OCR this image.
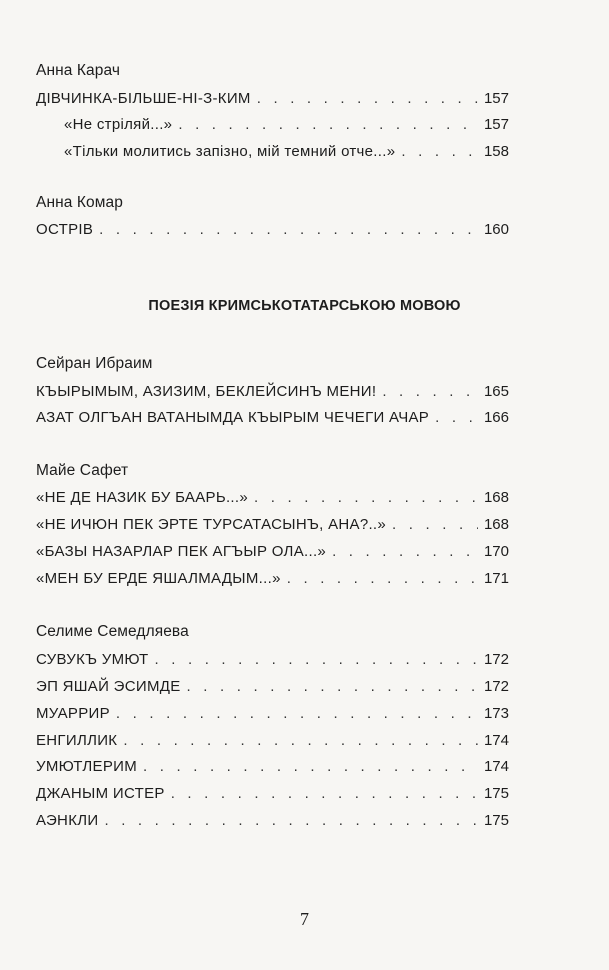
Анна Карач
ДІВЧИНКА-БІЛЬШЕ-НІ-З-КИМ . . .	157
«Не стріляй...» . . .	157
«Тільки молитись запізно, мій темний отче...» . . .	158
Анна Комар
ОСТРІВ . . .	160
ПОЕЗІЯ КРИМСЬКОТАТАРСЬКОЮ МОВОЮ
Сейран Ибраим
КЪЫРЫМЫМ, АЗИЗИМ, БЕКЛЕЙСИНЪ МЕНИ! . . .	165
АЗАТ ОЛГЪАН ВАТАНЫМДА КЪЫРЫМ ЧЕЧЕГИ АЧАР . . .	166
Майе Сафет
«НЕ ДЕ НАЗИК БУ БААРЬ...» . . .	168
«НЕ ИЧЮН ПЕК ЭРТЕ ТУРСАТАСЫНЪ, АНА?..» . . .	168
«БАЗЫ НАЗАРЛАР ПЕК АГЪЫР ОЛА...» . . .	170
«МЕН БУ ЕРДЕ ЯШАЛМАДЫМ...» . . .	171
Селиме Семедляева
СУВУКЪ УМЮТ . . .	172
ЭП ЯШАЙ ЭСИМДЕ . . .	172
МУАРРИР . . .	173
ЕНГИЛЛИК . . .	174
УМЮТЛЕРИМ . . .	174
ДЖАНЫМ ИСТЕР . . .	175
АЭНКЛИ . . .	175
7
